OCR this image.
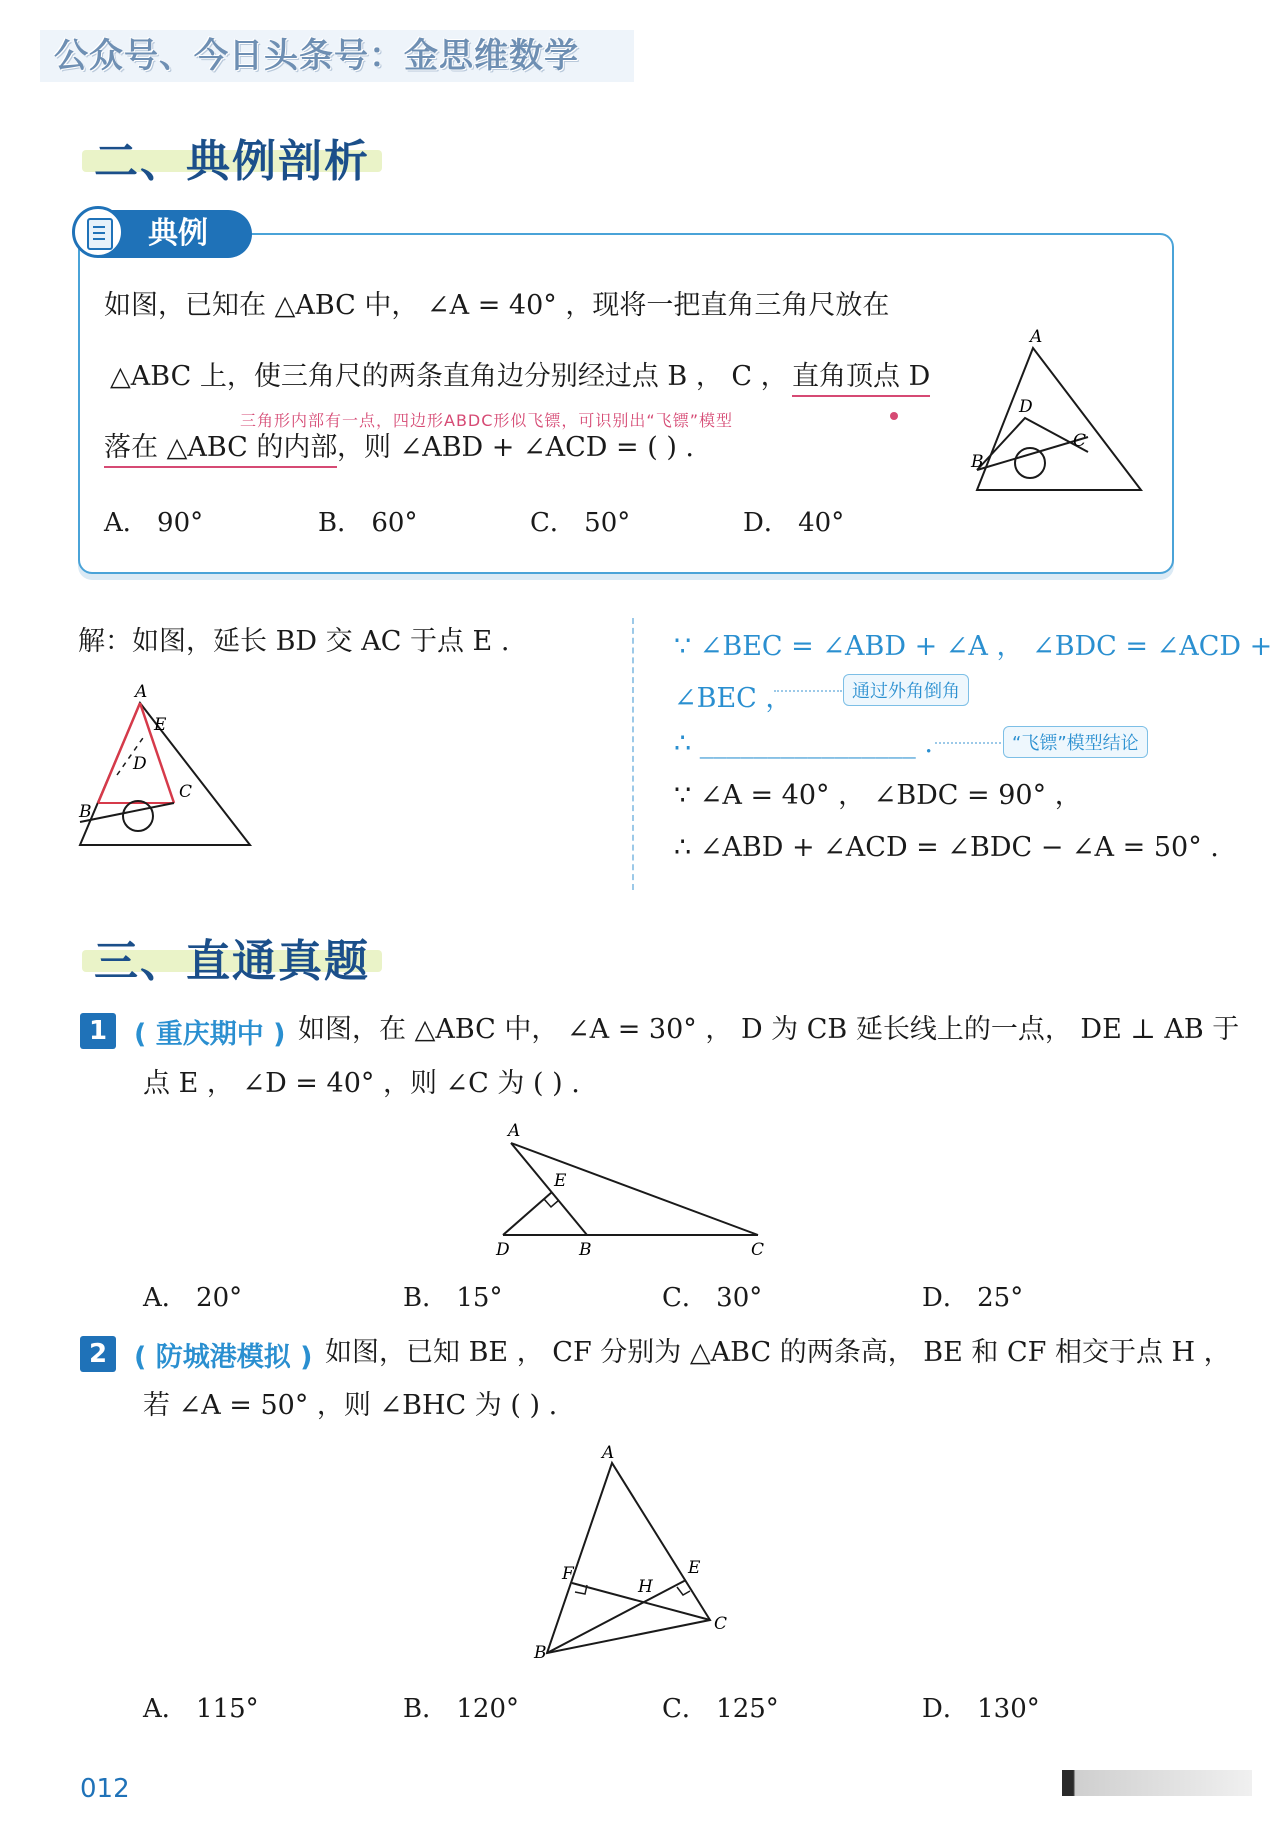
公众号、今日头条号：金思维数学
二、典例剖析
典例
如图，已知在 △ABC 中， ∠A = 40° ，现将一把直角三角尺放在
△ABC 上，使三角尺的两条直角边分别经过点 B ， C ， 直角顶点 D
三角形内部有一点，四边形ABDC形似飞镖，可识别出“飞镖”模型
落在 △ABC 的内部 ，则 ∠ABD + ∠ACD = ( ) .
A． 90°	B． 60°	C． 50°	D． 40°
A
D
C
B
解：如图，延长 BD 交 AC 于点 E .
A
E
D
C
B
∵ ∠BEC = ∠ABD + ∠A ， ∠BDC = ∠ACD +
∠BEC ，	通过外角倒角
∴ ________________ .	“飞镖”模型结论
∵ ∠A = 40° ， ∠BDC = 90° ，
∴ ∠ABD + ∠ACD = ∠BDC − ∠A = 50° .
三、直通真题
1 ( 重庆期中 ) 如图，在 △ABC 中， ∠A = 30° ， D 为 CB 延长线上的一点， DE ⊥ AB 于
点 E ， ∠D = 40° ，则 ∠C 为 ( ) .
A
E
D	B	C
A． 20°	B． 15°	C． 30°	D． 25°
2 ( 防城港模拟 ) 如图，已知 BE ， CF 分别为 △ABC 的两条高， BE 和 CF 相交于点 H ，
若 ∠A = 50° ，则 ∠BHC 为 ( ) .
A
F
H
E
C
B
A． 115°	B． 120°	C． 125°	D． 130°
012
